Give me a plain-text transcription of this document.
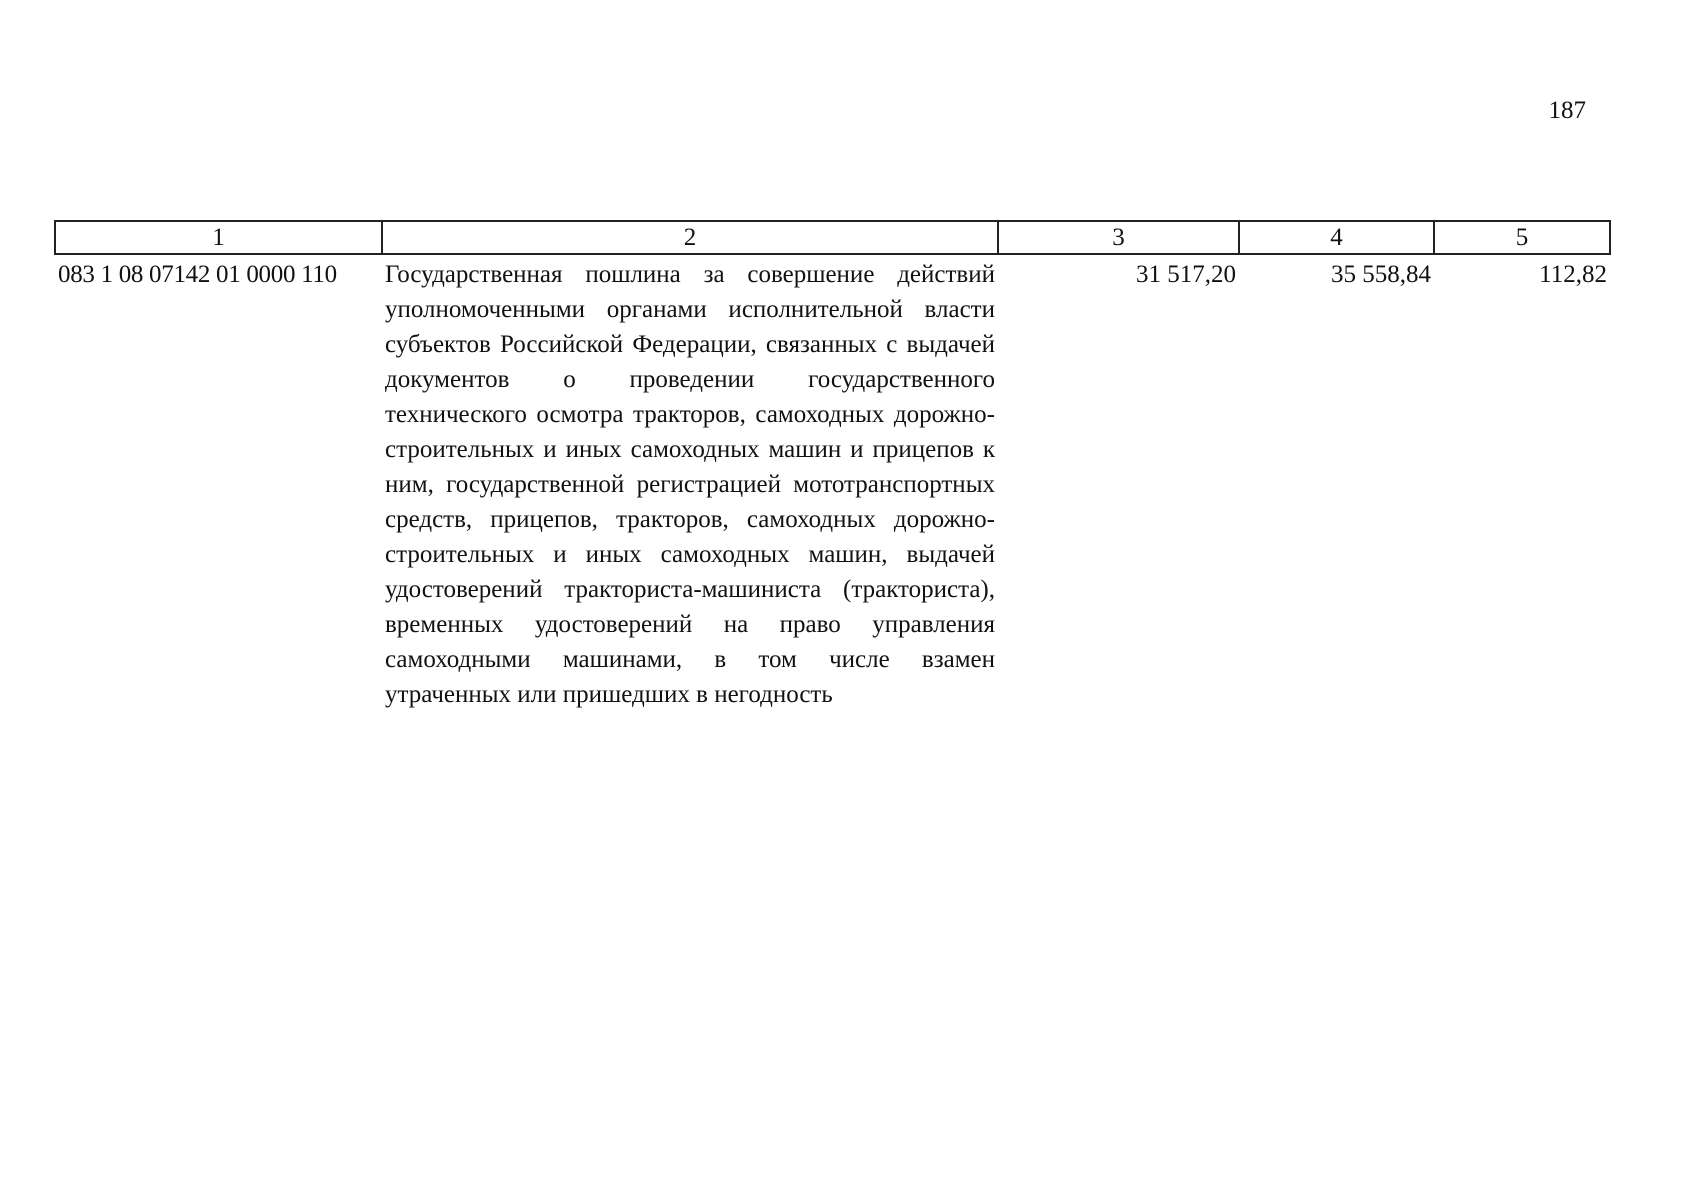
187
1	2	3	4	5
083 1 08 07142 01 0000 110	Государственная пошлина за совершение действий уполномоченными органами исполнительной власти субъектов Российской Федерации, связанных с выдачей документов о проведении государственного технического осмотра тракторов, самоходных дорожно-строительных и иных самоходных машин и прицепов к ним, государственной регистрацией мототранспортных средств, прицепов, тракторов, самоходных дорожно-строительных и иных самоходных машин, выдачей удостоверений тракториста-машиниста (тракториста), временных удостоверений на право управления самоходными машинами, в том числе взамен утраченных или пришедших в негодность	31 517,20	35 558,84	112,82
